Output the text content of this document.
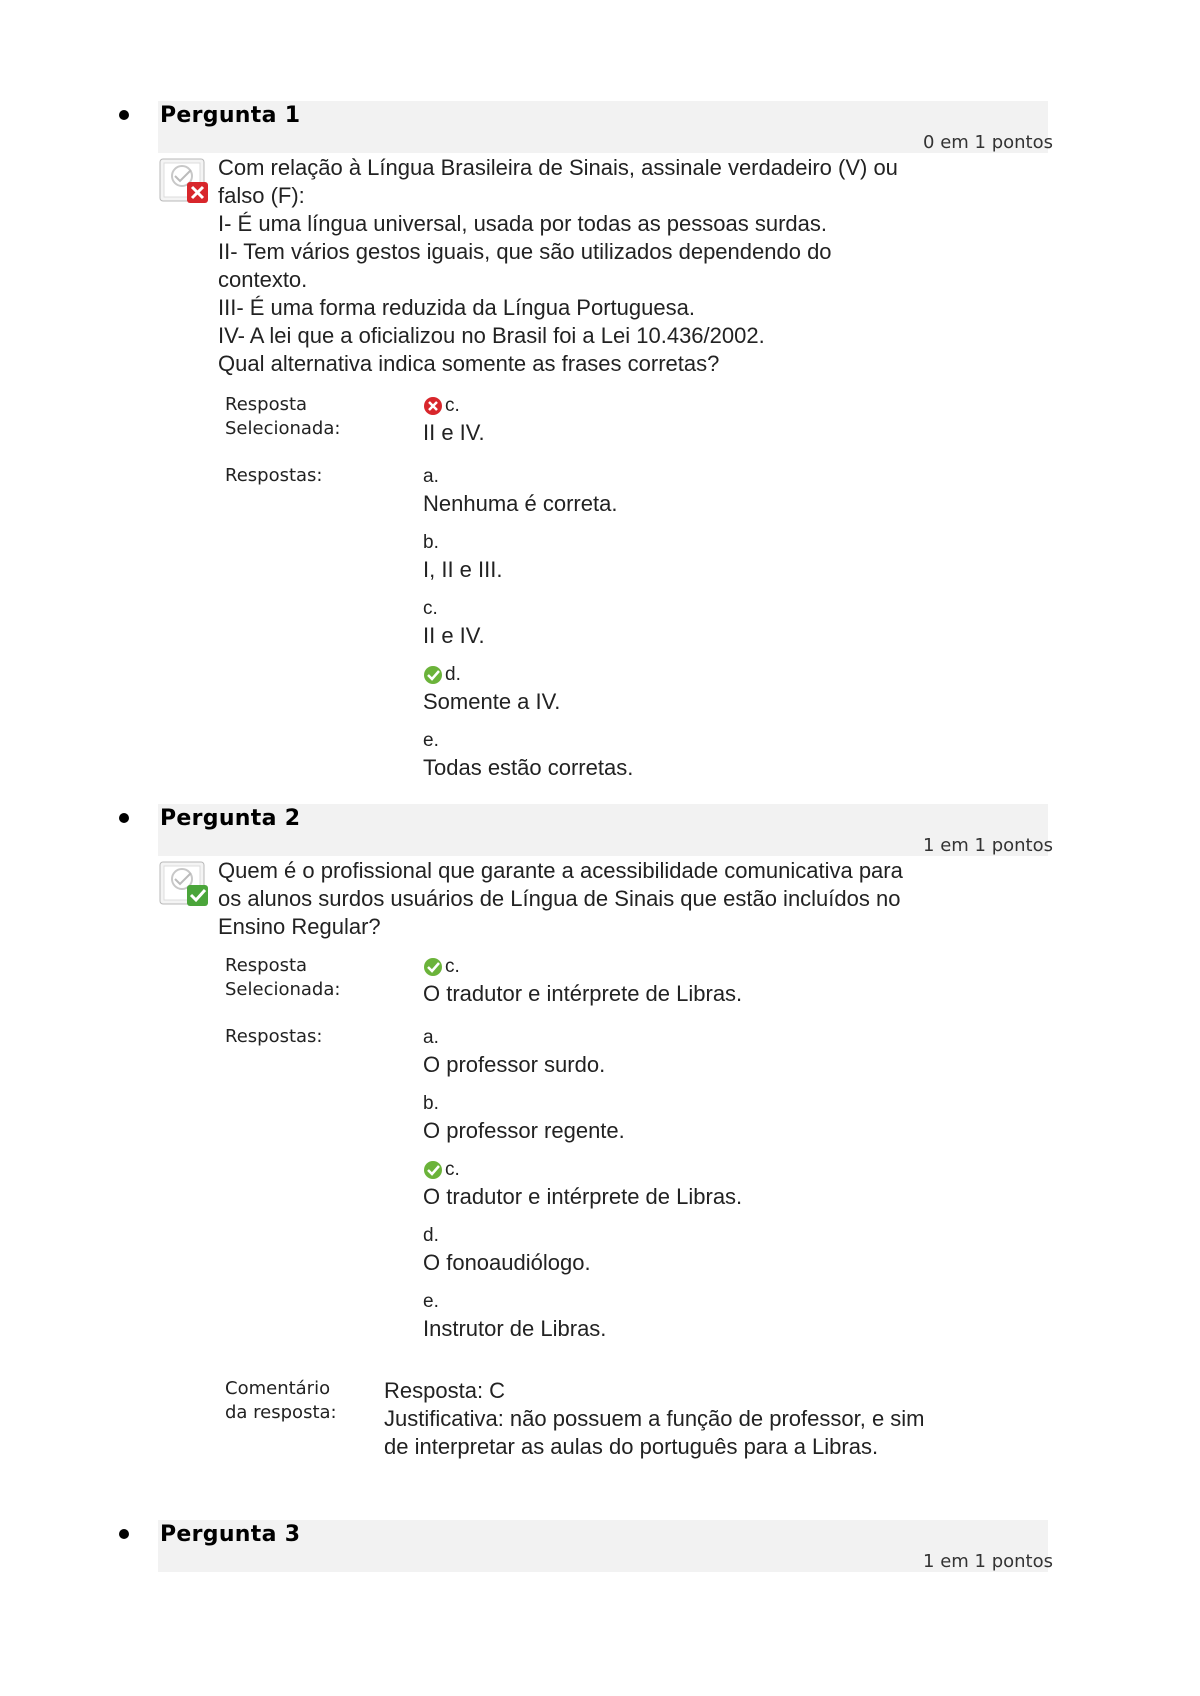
Pergunta 1
0 em 1 pontos
Com relação à Língua Brasileira de Sinais, assinale verdadeiro (V) ou
falso (F):
I- É uma língua universal, usada por todas as pessoas surdas.
II- Tem vários gestos iguais, que são utilizados dependendo do
contexto.
III- É uma forma reduzida da Língua Portuguesa.
IV- A lei que a oficializou no Brasil foi a Lei 10.436/2002.
Qual alternativa indica somente as frases corretas?
Resposta
Selecionada:
c.
II e IV.
Respostas:	a.
Nenhuma é correta.
b.
I, II e III.
c.
II e IV.
d.
Somente a IV.
e.
Todas estão corretas.
Pergunta 2
1 em 1 pontos
Quem é o profissional que garante a acessibilidade comunicativa para
os alunos surdos usuários de Língua de Sinais que estão incluídos no
Ensino Regular?
Resposta
Selecionada:
c.
O tradutor e intérprete de Libras.
Respostas:	a.
O professor surdo.
b.
O professor regente.
c.
O tradutor e intérprete de Libras.
d.
O fonoaudiólogo.
e.
Instrutor de Libras.
Comentário
da resposta:
Resposta: C
Justificativa: não possuem a função de professor, e sim
de interpretar as aulas do português para a Libras.
Pergunta 3
1 em 1 pontos
